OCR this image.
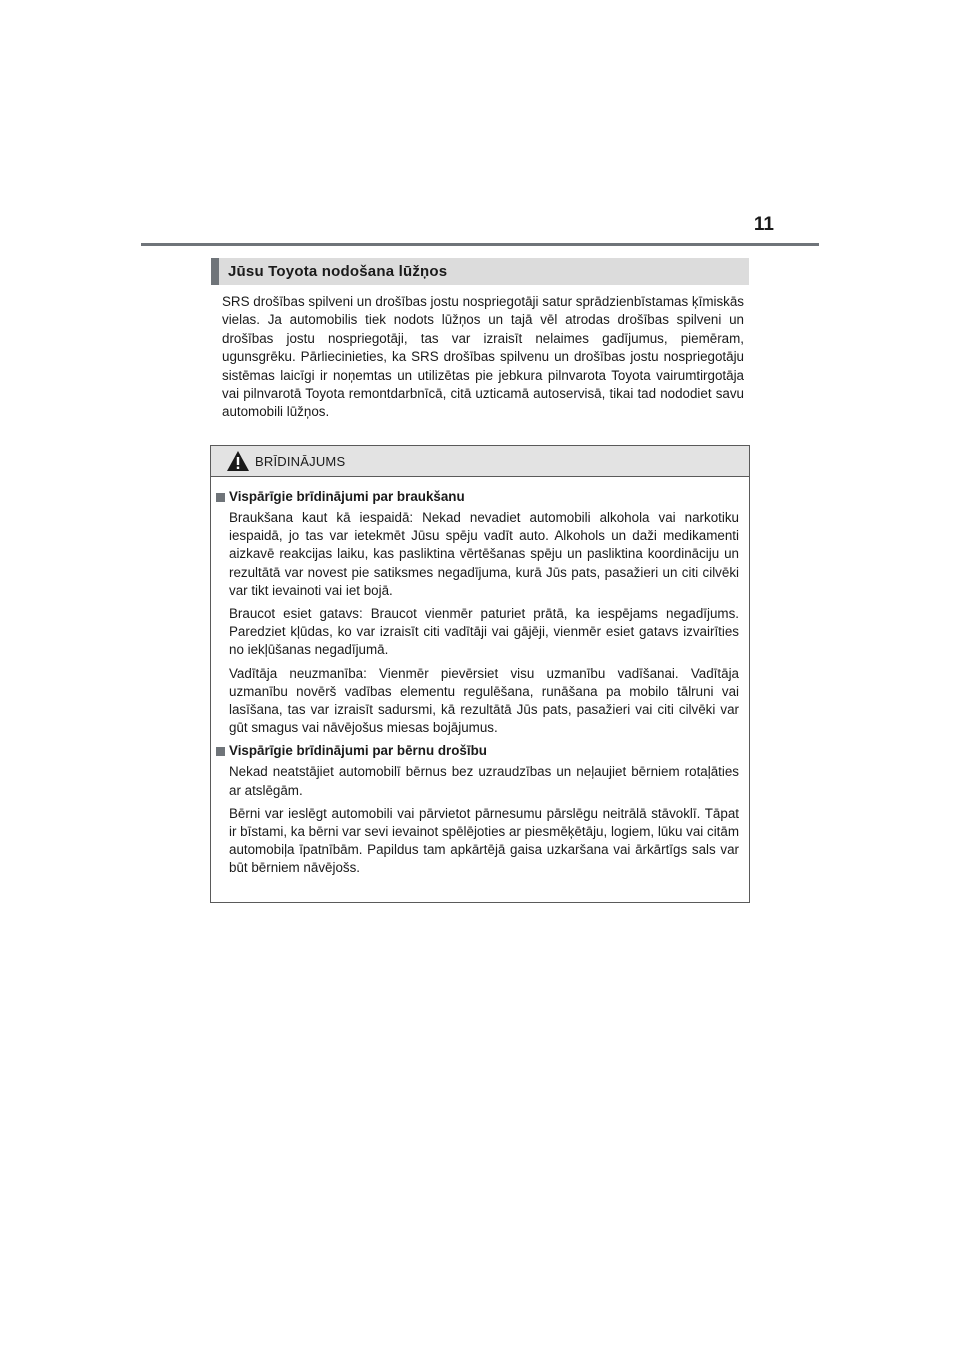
11
Jūsu Toyota nodošana lūžņos

SRS drošības spilveni un drošības jostu nospriegotāji satur sprādzienbīstamas ķīmiskās vielas. Ja automobilis tiek nodots lūžņos un tajā vēl atrodas drošības spilveni un drošības jostu nospriegotāji, tas var izraisīt nelaimes gadījumus, piemēram, ugunsgrēku. Pārliecinieties, ka SRS drošības spilvenu un drošības jostu nospriegotāju sistēmas laicīgi ir noņemtas un utilizētas pie jebkura pilnvarota Toyota vairumtirgotāja vai pilnvarotā Toyota remontdarbnīcā, citā uzticamā autoservisā, tikai tad nododiet savu automobili lūžņos.

BRĪDINĀJUMS
Vispārīgie brīdinājumi par braukšanu

Braukšana kaut kā iespaidā: Nekad nevadiet automobili alkohola vai narkotiku iespaidā, jo tas var ietekmēt Jūsu spēju vadīt auto. Alkohols un daži medikamenti aizkavē reakcijas laiku, kas pasliktina vērtēšanas spēju un pasliktina koordināciju un rezultātā var novest pie satiksmes negadījuma, kurā Jūs pats, pasažieri un citi cilvēki var tikt ievainoti vai iet bojā.

Braucot esiet gatavs: Braucot vienmēr paturiet prātā, ka iespējams negadījums. Paredziet kļūdas, ko var izraisīt citi vadītāji vai gājēji, vienmēr esiet gatavs izvairīties no iekļūšanas negadījumā.

Vadītāja neuzmanība: Vienmēr pievērsiet visu uzmanību vadīšanai. Vadītāja uzmanību novērš vadības elementu regulēšana, runāšana pa mobilo tālruni vai lasīšana, tas var izraisīt sadursmi, kā rezultātā Jūs pats, pasažieri vai citi cilvēki var gūt smagus vai nāvējošus miesas bojājumus.

Vispārīgie brīdinājumi par bērnu drošību

Nekad neatstājiet automobilī bērnus bez uzraudzības un neļaujiet bērniem rotaļāties ar atslēgām.

Bērni var ieslēgt automobili vai pārvietot pārnesumu pārslēgu neitrālā stāvoklī. Tāpat ir bīstami, ka bērni var sevi ievainot spēlējoties ar piesmēķētāju, logiem, lūku vai citām automobiļa īpatnībām. Papildus tam apkārtējā gaisa uzkaršana vai ārkārtīgs sals var būt bērniem nāvējošs.
